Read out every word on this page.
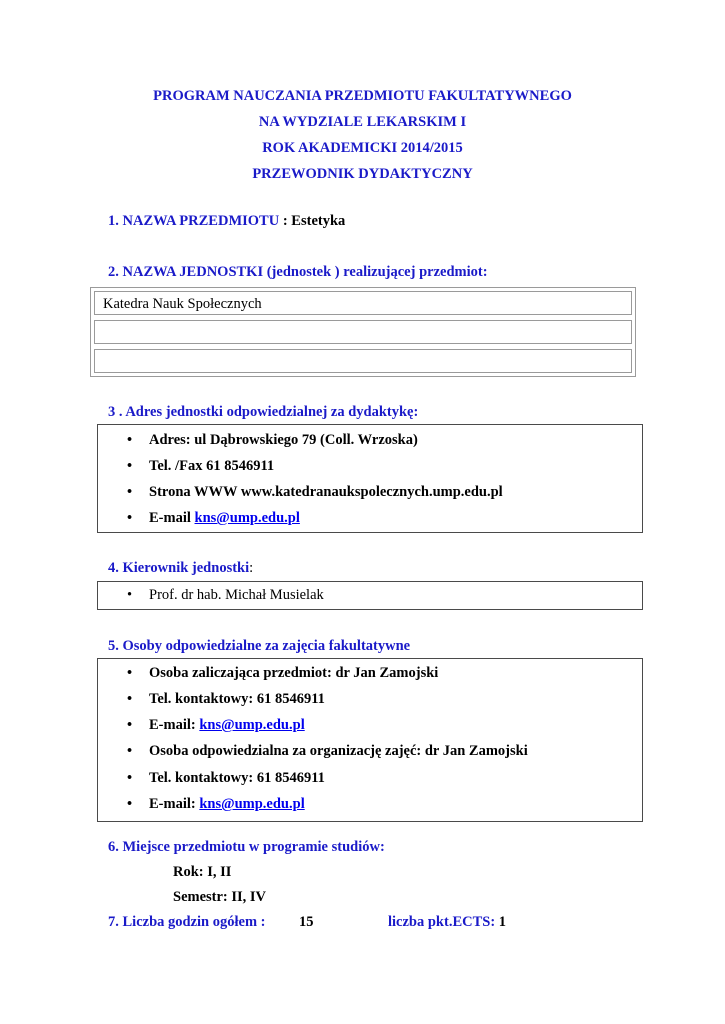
PROGRAM NAUCZANIA PRZEDMIOTU FAKULTATYWNEGO
NA WYDZIALE LEKARSKIM I
ROK AKADEMICKI 2014/2015
PRZEWODNIK DYDAKTYCZNY
1. NAZWA PRZEDMIOTU : Estetyka
2. NAZWA JEDNOSTKI (jednostek ) realizującej przedmiot:
Katedra Nauk Społecznych
3 . Adres jednostki odpowiedzialnej za dydaktykę:
• Adres: ul Dąbrowskiego 79 (Coll. Wrzoska)
• Tel. /Fax 61 8546911
• Strona WWW www.katedranaukspolecznych.ump.edu.pl
• E-mail kns@ump.edu.pl
4. Kierownik jednostki:
• Prof. dr hab. Michał Musielak
5. Osoby odpowiedzialne za zajęcia fakultatywne
• Osoba zaliczająca przedmiot: dr Jan Zamojski
• Tel. kontaktowy: 61 8546911
• E-mail: kns@ump.edu.pl
• Osoba odpowiedzialna za organizację zajęć: dr Jan Zamojski
• Tel. kontaktowy: 61 8546911
• E-mail: kns@ump.edu.pl
6. Miejsce przedmiotu w programie studiów:
Rok: I, II
Semestr: II, IV
7. Liczba godzin ogółem : 15	liczba pkt.ECTS: 1
